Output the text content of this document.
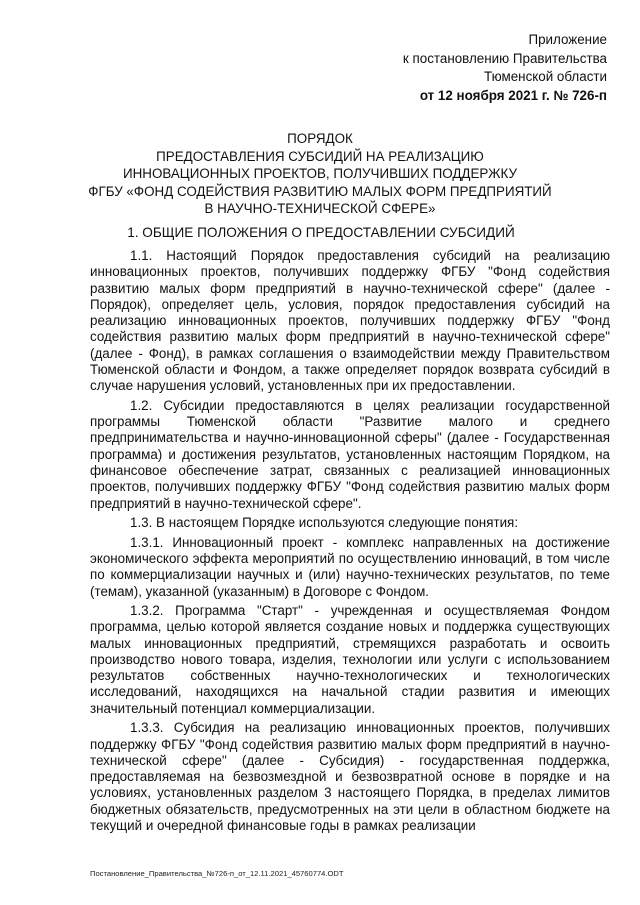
Приложение
к постановлению Правительства
Тюменской области
от 12 ноября 2021 г. № 726-п
ПОРЯДОК
ПРЕДОСТАВЛЕНИЯ СУБСИДИЙ НА РЕАЛИЗАЦИЮ
ИННОВАЦИОННЫХ ПРОЕКТОВ, ПОЛУЧИВШИХ ПОДДЕРЖКУ
ФГБУ «ФОНД СОДЕЙСТВИЯ РАЗВИТИЮ МАЛЫХ ФОРМ ПРЕДПРИЯТИЙ
В НАУЧНО-ТЕХНИЧЕСКОЙ СФЕРЕ»
1. ОБЩИЕ ПОЛОЖЕНИЯ О ПРЕДОСТАВЛЕНИИ СУБСИДИЙ

1.1. Настоящий Порядок предоставления субсидий на реализацию инновационных проектов, получивших поддержку ФГБУ "Фонд содействия развитию малых форм предприятий в научно-технической сфере" (далее - Порядок), определяет цель, условия, порядок предоставления субсидий на реализацию инновационных проектов, получивших поддержку ФГБУ "Фонд содействия развитию малых форм предприятий в научно-технической сфере" (далее - Фонд), в рамках соглашения о взаимодействии между Правительством Тюменской области и Фондом, а также определяет порядок возврата субсидий в случае нарушения условий, установленных при их предоставлении.

1.2. Субсидии предоставляются в целях реализации государственной программы Тюменской области "Развитие малого и среднего предпринимательства и научно-инновационной сферы" (далее - Государственная программа) и достижения результатов, установленных настоящим Порядком, на финансовое обеспечение затрат, связанных с реализацией инновационных проектов, получивших поддержку ФГБУ "Фонд содействия развитию малых форм предприятий в научно-технической сфере".

1.3. В настоящем Порядке используются следующие понятия:

1.3.1. Инновационный проект - комплекс направленных на достижение экономического эффекта мероприятий по осуществлению инноваций, в том числе по коммерциализации научных и (или) научно-технических результатов, по теме (темам), указанной (указанным) в Договоре с Фондом.

1.3.2. Программа "Старт" - учрежденная и осуществляемая Фондом программа, целью которой является создание новых и поддержка существующих малых инновационных предприятий, стремящихся разработать и освоить производство нового товара, изделия, технологии или услуги с использованием результатов собственных научно-технологических и технологических исследований, находящихся на начальной стадии развития и имеющих значительный потенциал коммерциализации.

1.3.3. Субсидия на реализацию инновационных проектов, получивших поддержку ФГБУ "Фонд содействия развитию малых форм предприятий в научно-технической сфере" (далее - Субсидия) - государственная поддержка, предоставляемая на безвозмездной и безвозвратной основе в порядке и на условиях, установленных разделом 3 настоящего Порядка, в пределах лимитов бюджетных обязательств, предусмотренных на эти цели в областном бюджете на текущий и очередной финансовые годы в рамках реализации

Постановление_Правительства_№726-п_от_12.11.2021_45760774.ODT
